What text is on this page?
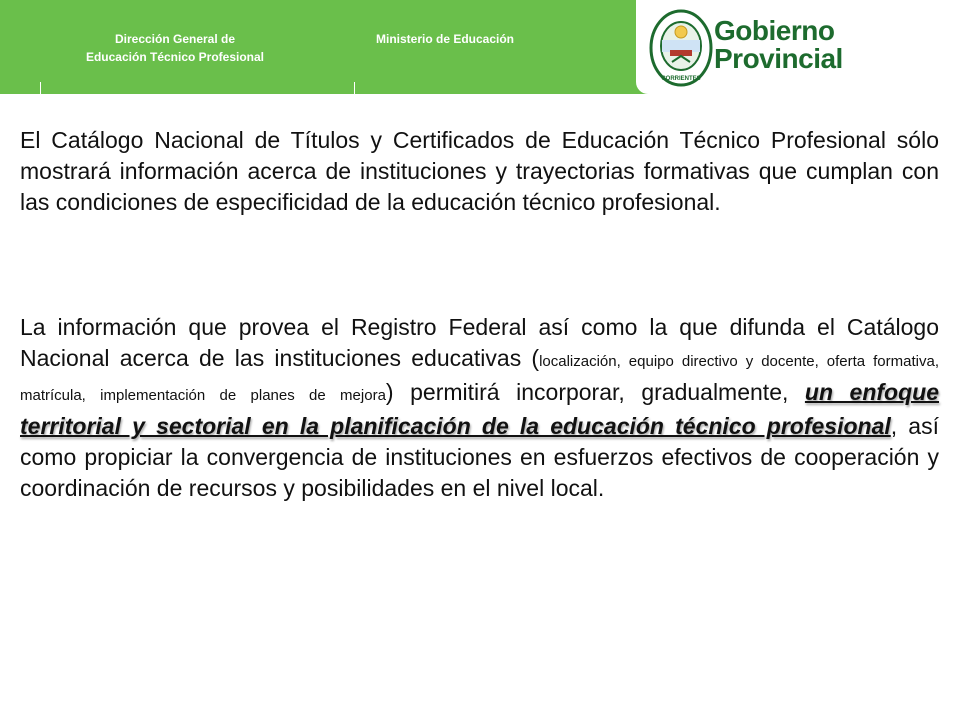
Dirección General de
Educación Técnico Profesional
Ministerio de Educación
CORRIENTES
Gobierno
Provincial

El Catálogo Nacional de Títulos y Certificados de Educación Técnico Profesional sólo mostrará información acerca de instituciones y trayectorias formativas que cumplan con las condiciones de especificidad de la educación técnico profesional.

La información que provea el Registro Federal así como la que difunda el Catálogo Nacional acerca de las instituciones educativas (localización, equipo directivo y docente, oferta formativa, matrícula, implementación de planes de mejora) permitirá incorporar, gradualmente, un enfoque territorial y sectorial en la planificación de la educación técnico profesional, así como propiciar la convergencia de instituciones en esfuerzos efectivos de cooperación y coordinación de recursos y posibilidades en el nivel local.
